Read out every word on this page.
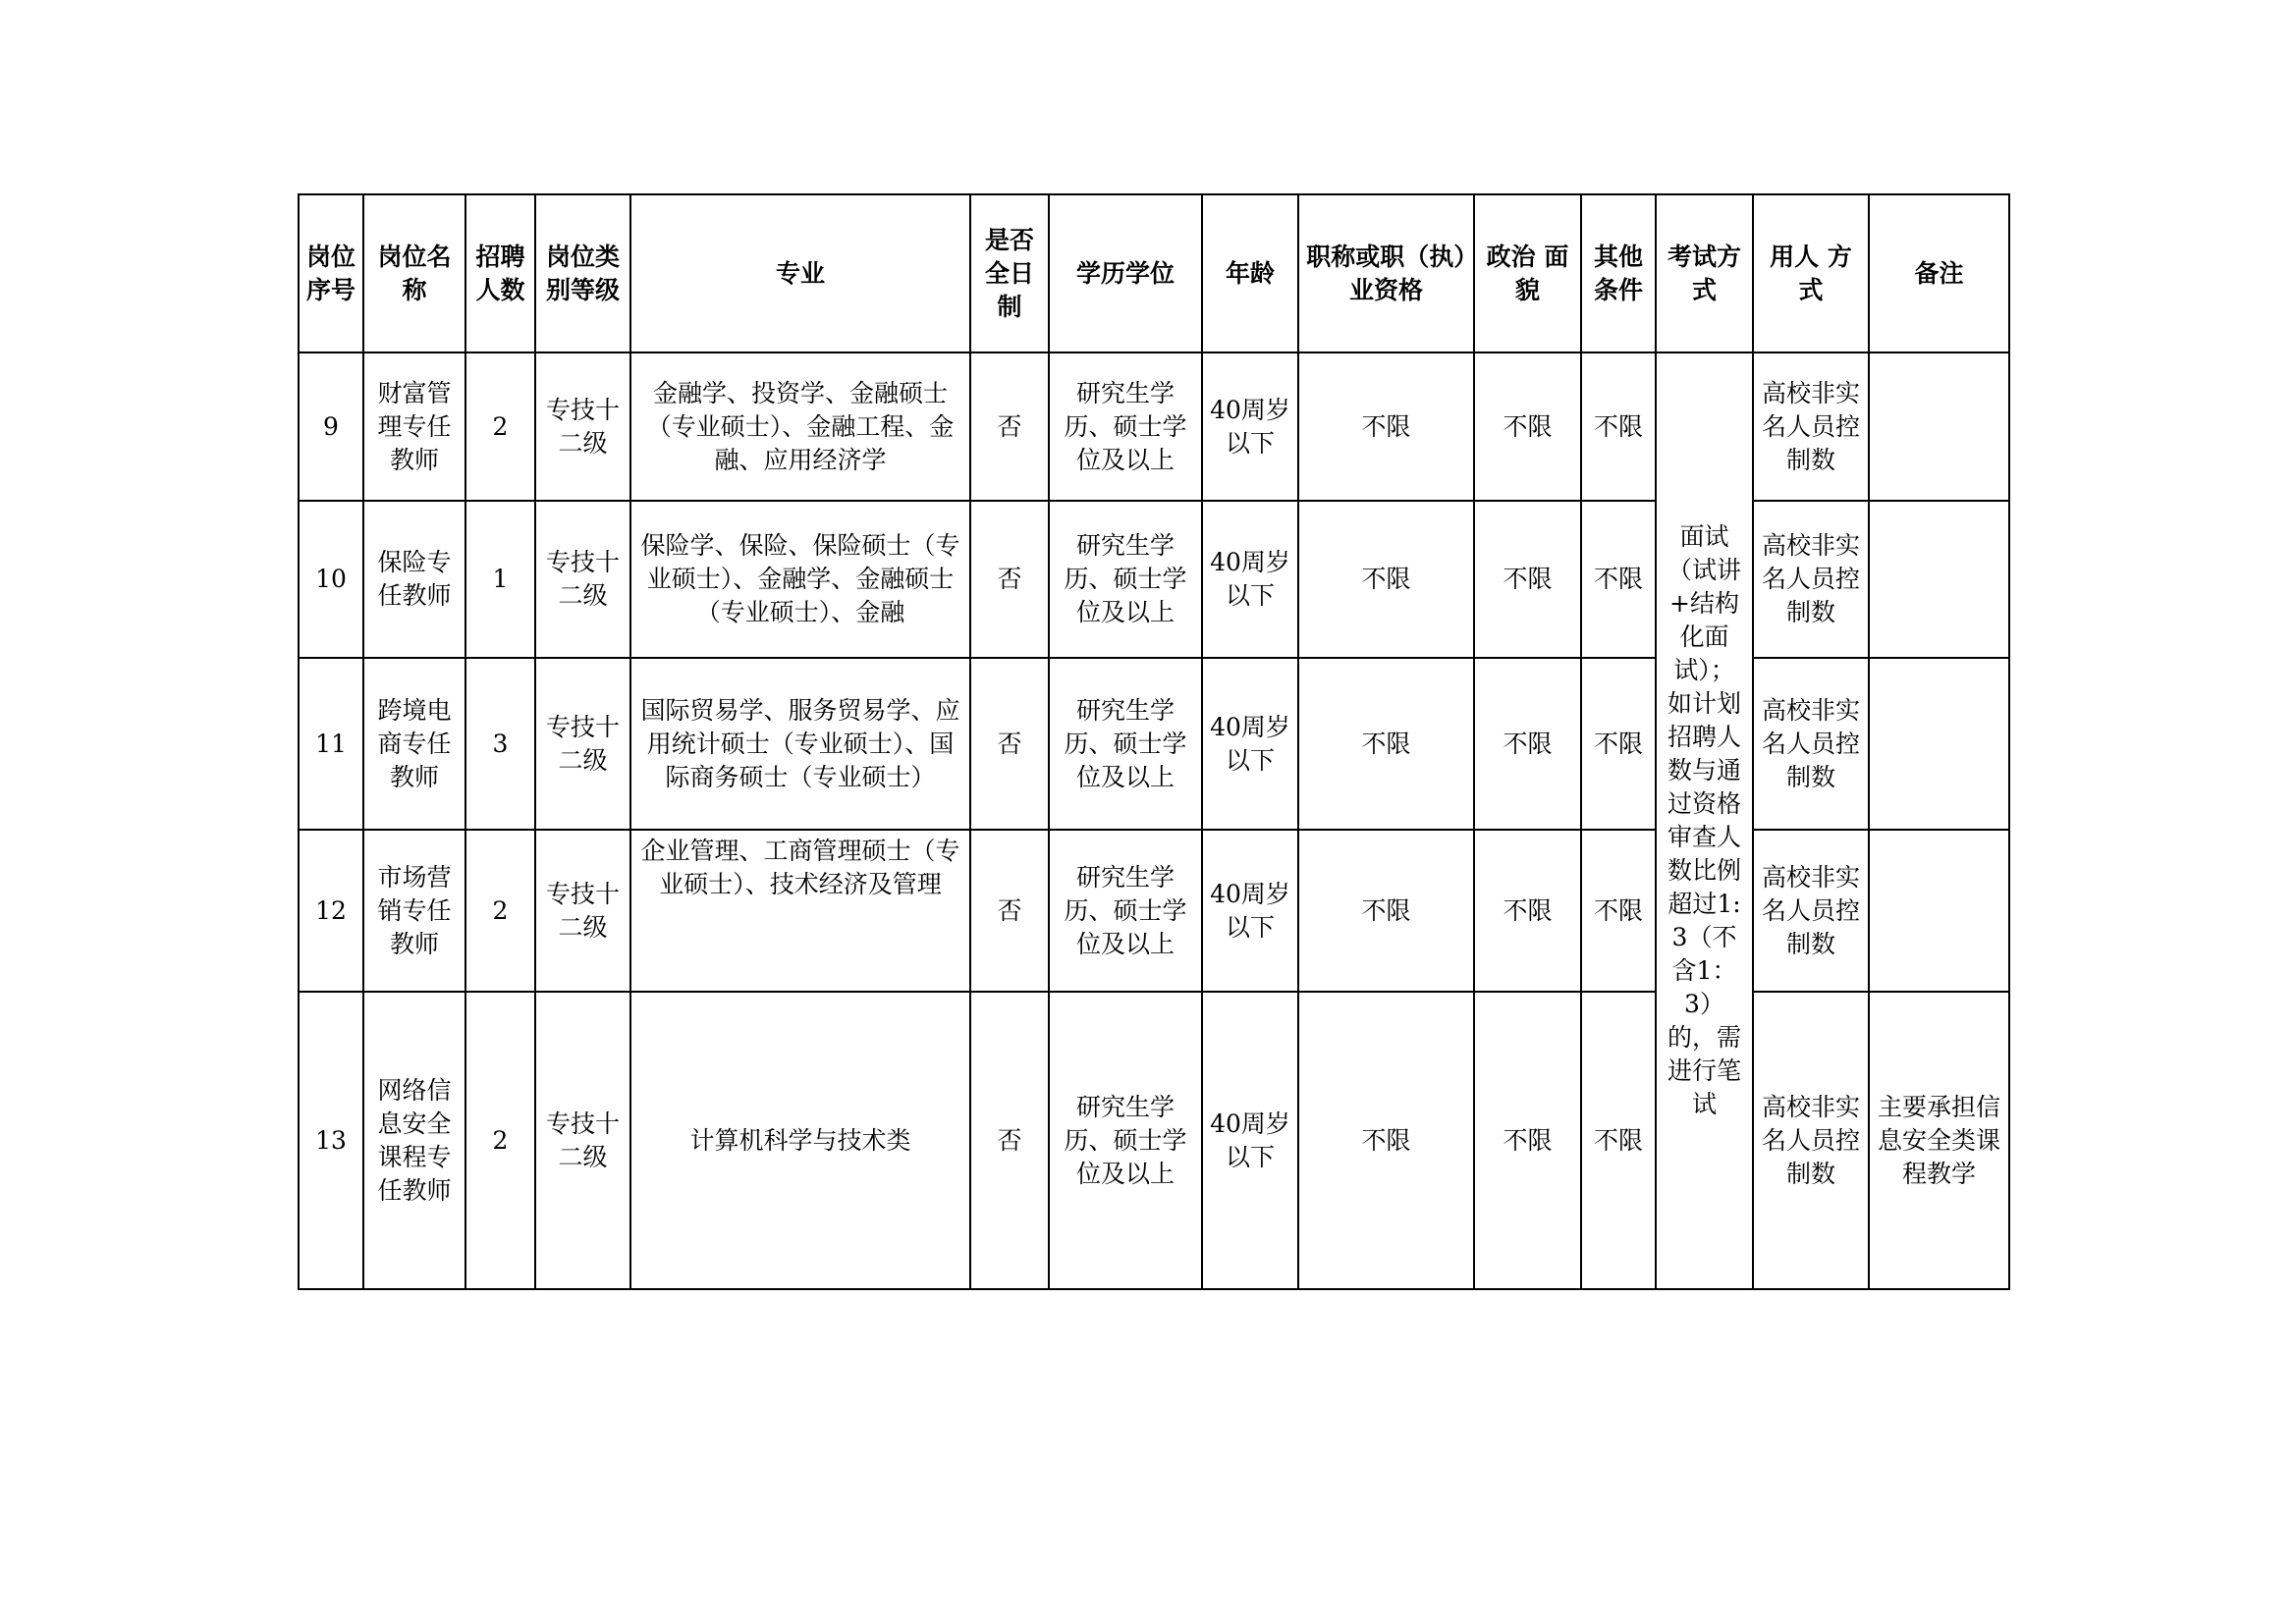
岗位序号	岗位名称	招聘人数	岗位类别等级	专业	是否全日制	学历学位	年龄	职称或职（执）业资格	政治 面貌	其他条件	考试方式	用人 方式	备注
9	财富管理专任教师	2	专技十二级	金融学、投资学、金融硕士（专业硕士）、金融工程、金融、应用经济学	否	研究生学历、硕士学位及以上	40周岁以下	不限	不限	不限	面试（试讲+结构化面试）；如计划招聘人数与通过资格审查人数比例超过1:3（不含1：3）的，需进行笔试	高校非实名人员控制数	
10	保险专任教师	1	专技十二级	保险学、保险、保险硕士（专业硕士）、金融学、金融硕士（专业硕士）、金融	否	研究生学历、硕士学位及以上	40周岁以下	不限	不限	不限		高校非实名人员控制数	
11	跨境电商专任教师	3	专技十二级	国际贸易学、服务贸易学、应用统计硕士（专业硕士）、国际商务硕士（专业硕士）	否	研究生学历、硕士学位及以上	40周岁以下	不限	不限	不限		高校非实名人员控制数	
12	市场营销专任教师	2	专技十二级	企业管理、工商管理硕士（专业硕士）、技术经济及管理	否	研究生学历、硕士学位及以上	40周岁以下	不限	不限	不限		高校非实名人员控制数	
13	网络信息安全课程专任教师	2	专技十二级	计算机科学与技术类	否	研究生学历、硕士学位及以上	40周岁以下	不限	不限	不限		高校非实名人员控制数	主要承担信息安全类课程教学
